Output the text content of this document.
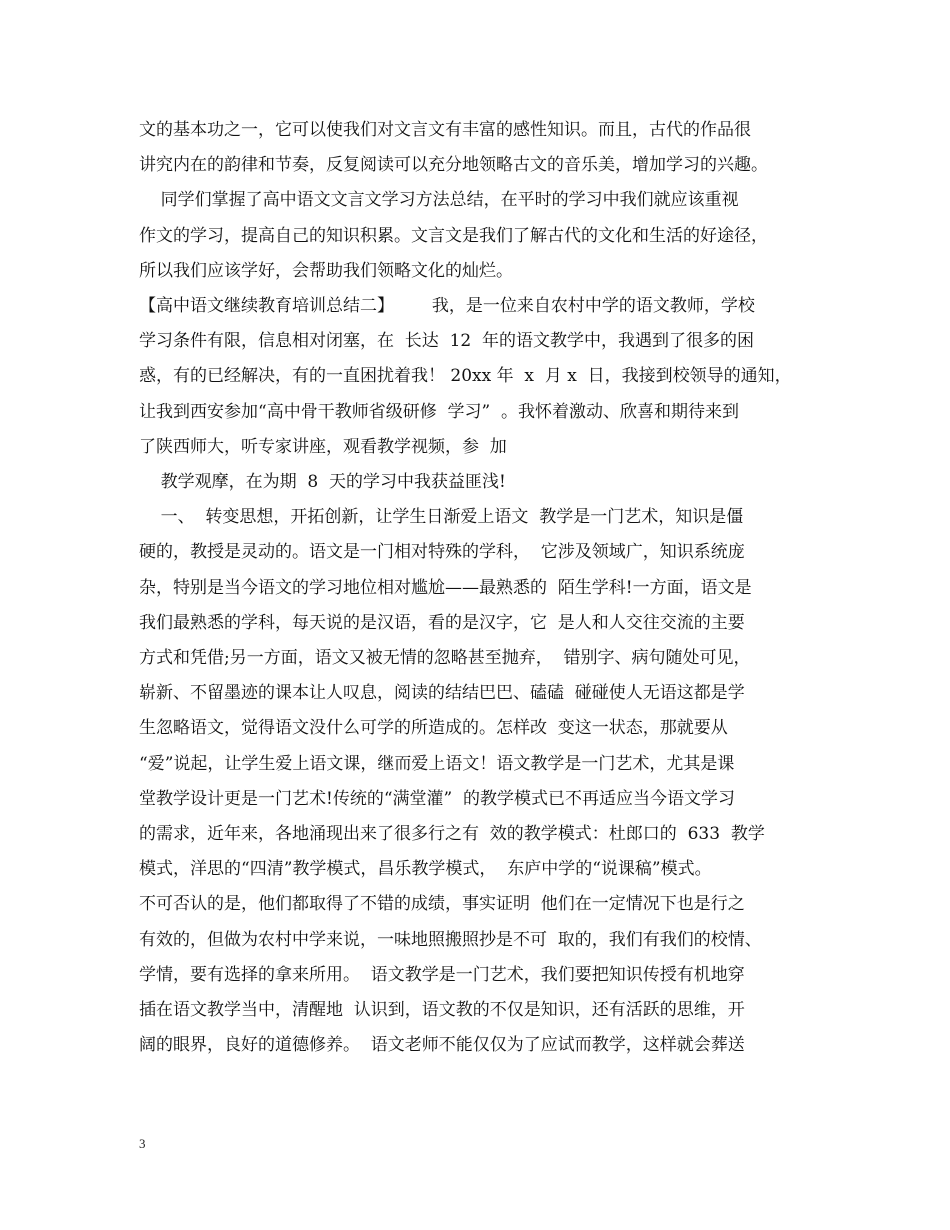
文的基本功之一，它可以使我们对文言文有丰富的感性知识。而且，古代的作品很
讲究内在的韵律和节奏，反复阅读可以充分地领略古文的音乐美，增加学习的兴趣。
同学们掌握了高中语文文言文学习方法总结，在平时的学习中我们就应该重视
作文的学习，提高自己的知识积累。文言文是我们了解古代的文化和生活的好途径，
所以我们应该学好，会帮助我们领略文化的灿烂。
【高中语文继续教育培训总结二】       我，是一位来自农村中学的语文教师，学校
学习条件有限，信息相对闭塞，在  长达  12  年的语文教学中，我遇到了很多的困
惑，有的已经解决，有的一直困扰着我！ 20xx 年  x  月 x  日，我接到校领导的通知，
让我到西安参加“高中骨干教师省级研修  学习”  。我怀着激动、欣喜和期待来到
了陕西师大，听专家讲座，观看教学视频，参  加
教学观摩，在为期  8  天的学习中我获益匪浅!
一、  转变思想，开拓创新，让学生日渐爱上语文  教学是一门艺术，知识是僵
硬的，教授是灵动的。语文是一门相对特殊的学科，  它涉及领域广，知识系统庞
杂，特别是当今语文的学习地位相对尴尬——最熟悉的  陌生学科!一方面，语文是
我们最熟悉的学科，每天说的是汉语，看的是汉字，它  是人和人交往交流的主要
方式和凭借;另一方面，语文又被无情的忽略甚至抛弃，  错别字、病句随处可见，
崭新、不留墨迹的课本让人叹息，阅读的结结巴巴、磕磕  碰碰使人无语这都是学
生忽略语文，觉得语文没什么可学的所造成的。怎样改  变这一状态，那就要从
“爱”说起，让学生爱上语文课，继而爱上语文！语文教学是一门艺术，尤其是课
堂教学设计更是一门艺术!传统的“满堂灌”  的教学模式已不再适应当今语文学习
的需求，近年来，各地涌现出来了很多行之有  效的教学模式：杜郎口的  633  教学
模式，洋思的“四清”教学模式，昌乐教学模式，  东庐中学的“说课稿”模式。
不可否认的是，他们都取得了不错的成绩，事实证明  他们在一定情况下也是行之
有效的，但做为农村中学来说，一味地照搬照抄是不可  取的，我们有我们的校情、
学情，要有选择的拿来所用。  语文教学是一门艺术，我们要把知识传授有机地穿
插在语文教学当中，清醒地  认识到，语文教的不仅是知识，还有活跃的思维，开
阔的眼界，良好的道德修养。  语文老师不能仅仅为了应试而教学，这样就会葬送
3
